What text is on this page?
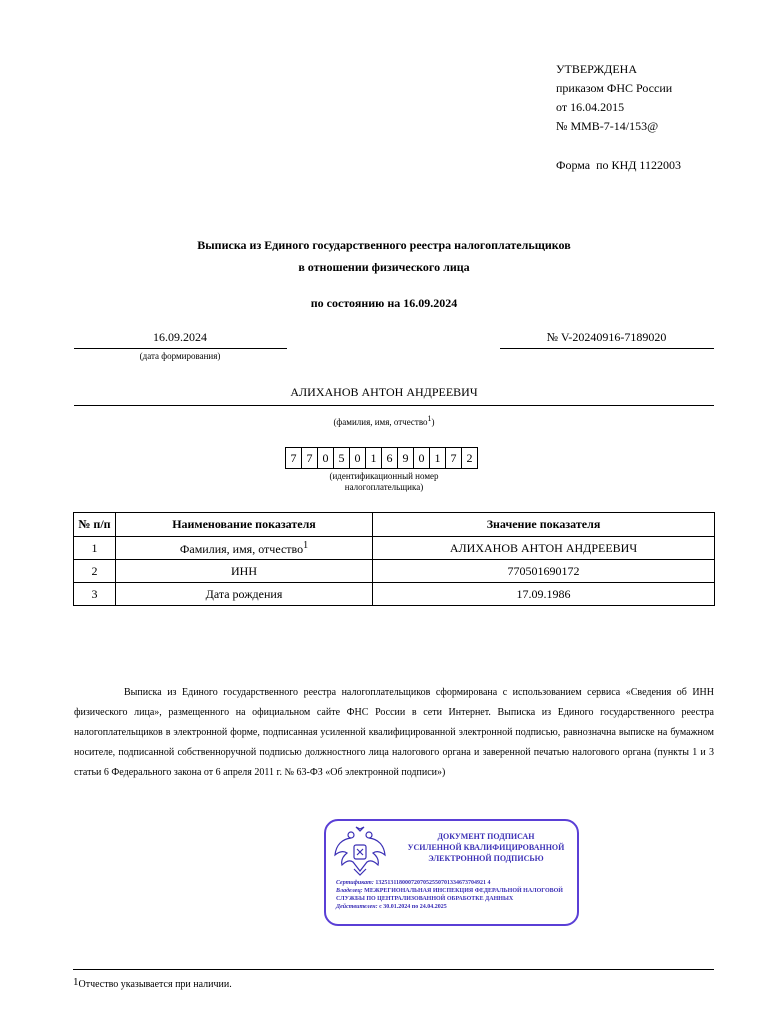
УТВЕРЖДЕНА
приказом ФНС России
от 16.04.2015
№ ММВ-7-14/153@
Форма  по КНД 1122003
Выписка из Единого государственного реестра налогоплательщиков
в отношении физического лица
по состоянию на 16.09.2024
16.09.2024
(дата формирования)
№ V-20240916-7189020
АЛИХАНОВ АНТОН АНДРЕЕВИЧ
(фамилия, имя, отчество1)
7 7 0 5 0 1 6 9 0 1 7 2
(идентификационный номер
налогоплательщика)
№ п/п	Наименование показателя	Значение показателя
1	Фамилия, имя, отчество$^1$	АЛИХАНОВ АНТОН АНДРЕЕВИЧ
2	ИНН	770501690172
3	Дата рождения	17.09.1986
Выписка из Единого государственного реестра налогоплательщиков сформирована с использованием сервиса «Сведения об ИНН физического лица», размещенного на официальном сайте ФНС России в сети Интернет. Выписка из Единого государственного реестра налогоплательщиков в электронной форме, подписанная усиленной квалифицированной электронной подписью, равнозначна выписке на бумажном носителе, подписанной собственноручной подписью должностного лица налогового органа и заверенной печатью налогового органа (пункты 1 и 3 статьи 6 Федерального закона от 6 апреля 2011 г. № 63-ФЗ «Об электронной подписи»)
ДОКУМЕНТ ПОДПИСАН
УСИЛЕННОЙ КВАЛИФИЦИРОВАННОЙ
ЭЛЕКТРОННОЙ ПОДПИСЬЮ
Сертификат: 1325131180007207052550701334673704921 4
Владелец: МЕЖРЕГИОНАЛЬНАЯ ИНСПЕКЦИЯ ФЕДЕРАЛЬНОЙ НАЛОГОВОЙ СЛУЖБЫ ПО ЦЕНТРАЛИЗОВАННОЙ ОБРАБОТКЕ ДАННЫХ
Действителен: с 30.01.2024 по 24.04.2025
1Отчество указывается при наличии.
